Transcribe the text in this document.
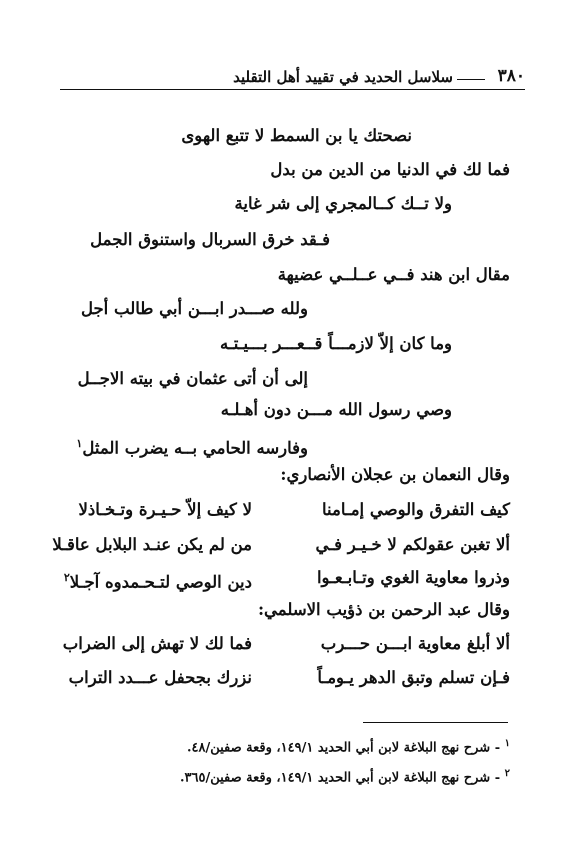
٣٨٠
سلاسل الحديد في تقييد أهل التقليد
نصحتك يا بن السمط لا تتبع الهوى
فما لك في الدنيا من الدين من بدل
ولا تــك كــالمجري إلى شر غاية
فـقد خرق السربال واستنوق الجمل
مقال ابن هند فــي عــلــي عضيهة
ولله صـــدر ابـــن أبي طالب أجل
وما كان إلاّ لازمـــاً قــعـــر بـــيـتـه
إلى أن أتى عثمان في بيته الاجــل
وصي رسول الله مـــن دون أهـلـه
وفارسه الحامي بــه يضرب المثل$^١$
وقال النعمان بن عجلان الأنصاري:
كيف التفرق والوصي إمـامنا
لا كيف إلاّ حـيـرة وتـخـاذلا
ألا تغبن عقولكم لا خـيـر فـي
من لم يكن عنـد البلابل عاقـلا
وذروا معاوية الغوي وتـابـعـوا
دين الوصي لتـحـمدوه آجـلا$^٢$
وقال عبد الرحمن بن ذؤيب الاسلمي:
ألا أبلغ معاوية ابـــن حـــرب
فما لك لا تهش إلى الضراب
فـإن تسلم وتبق الدهر يـومـاً
نزرك بجحفل عـــدد التراب
$^١$ - شرح نهج البلاغة لابن أبي الحديد ١٤٩/١، وقعة صفين/٤٨.
$^٢$ - شرح نهج البلاغة لابن أبي الحديد ١٤٩/١، وقعة صفين/٣٦٥.
